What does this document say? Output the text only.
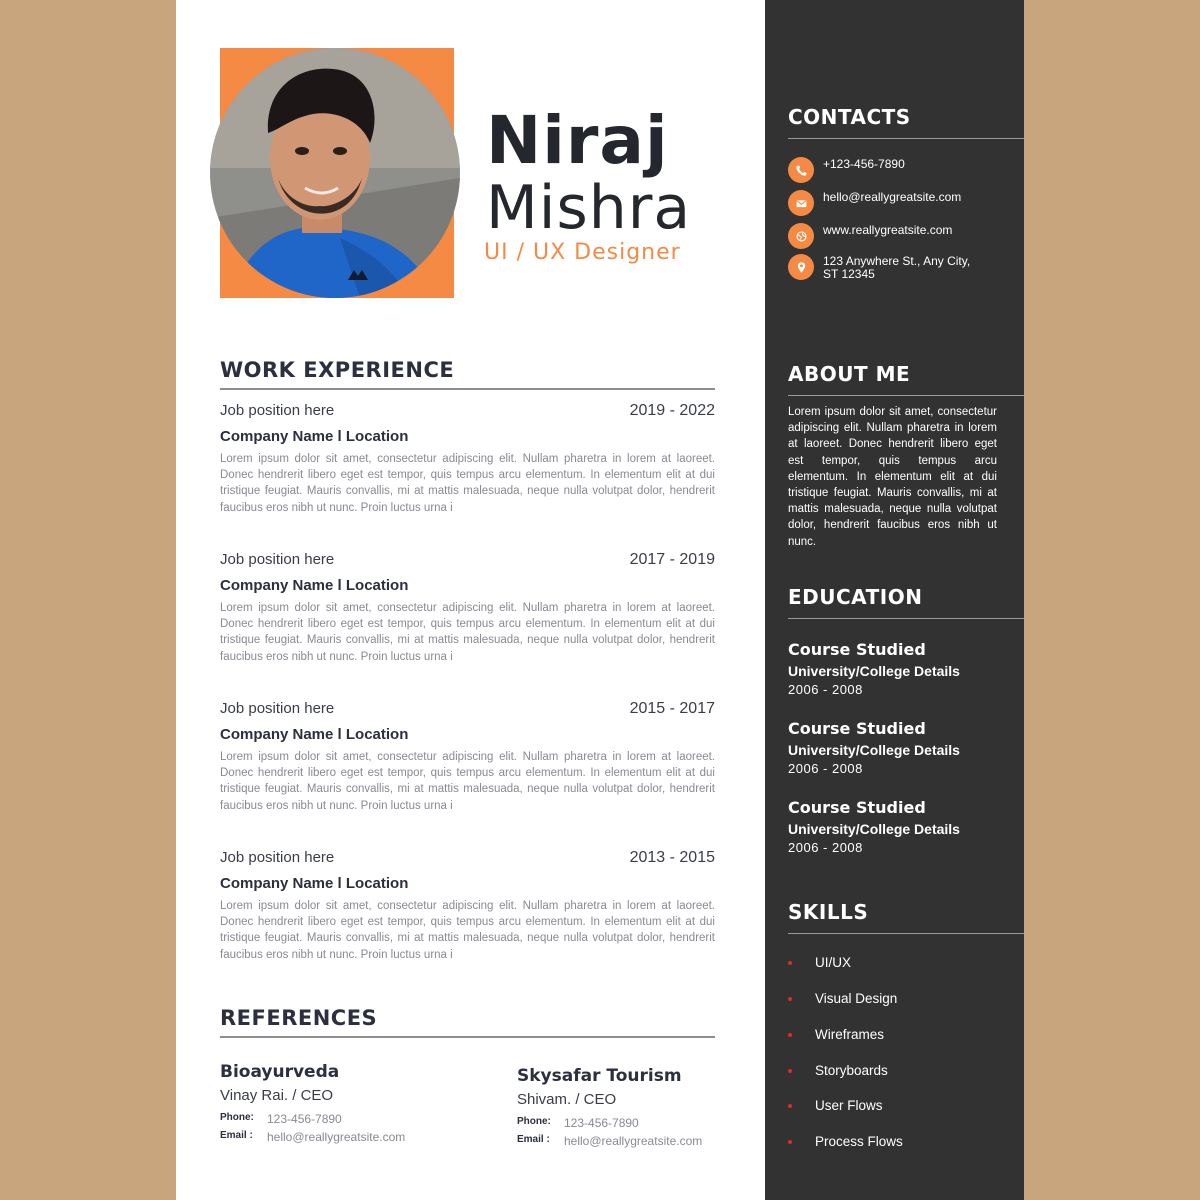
Niraj
Mishra
UI / UX Designer
WORK EXPERIENCE
Job position here	2019 - 2022
Company Name l Location
Lorem ipsum dolor sit amet, consectetur adipiscing elit. Nullam pharetra in lorem at laoreet. Donec hendrerit libero eget est tempor, quis tempus arcu elementum. In elementum elit at dui tristique feugiat. Mauris convallis, mi at mattis malesuada, neque nulla volutpat dolor, hendrerit faucibus eros nibh ut nunc. Proin luctus urna i
Job position here	2017 - 2019
Company Name l Location
Lorem ipsum dolor sit amet, consectetur adipiscing elit. Nullam pharetra in lorem at laoreet. Donec hendrerit libero eget est tempor, quis tempus arcu elementum. In elementum elit at dui tristique feugiat. Mauris convallis, mi at mattis malesuada, neque nulla volutpat dolor, hendrerit faucibus eros nibh ut nunc. Proin luctus urna i
Job position here	2015 - 2017
Company Name l Location
Lorem ipsum dolor sit amet, consectetur adipiscing elit. Nullam pharetra in lorem at laoreet. Donec hendrerit libero eget est tempor, quis tempus arcu elementum. In elementum elit at dui tristique feugiat. Mauris convallis, mi at mattis malesuada, neque nulla volutpat dolor, hendrerit faucibus eros nibh ut nunc. Proin luctus urna i
Job position here	2013 - 2015
Company Name l Location
Lorem ipsum dolor sit amet, consectetur adipiscing elit. Nullam pharetra in lorem at laoreet. Donec hendrerit libero eget est tempor, quis tempus arcu elementum. In elementum elit at dui tristique feugiat. Mauris convallis, mi at mattis malesuada, neque nulla volutpat dolor, hendrerit faucibus eros nibh ut nunc. Proin luctus urna i
REFERENCES
Bioayurveda
Vinay Rai. / CEO
Phone:	123-456-7890
Email :	hello@reallygreatsite.com
Skysafar Tourism
Shivam. / CEO
Phone:	123-456-7890
Email :	hello@reallygreatsite.com
CONTACTS
+123-456-7890
hello@reallygreatsite.com
www.reallygreatsite.com
123 Anywhere St., Any City,
ST 12345
ABOUT ME
Lorem ipsum dolor sit amet, consectetur adipiscing elit. Nullam pharetra in lorem at laoreet. Donec hendrerit libero eget est tempor, quis tempus arcu elementum. In elementum elit at dui tristique feugiat. Mauris convallis, mi at mattis malesuada, neque nulla volutpat dolor, hendrerit faucibus eros nibh ut nunc.
EDUCATION
Course Studied
University/College Details
2006 - 2008
Course Studied
University/College Details
2006 - 2008
Course Studied
University/College Details
2006 - 2008
SKILLS
UI/UX
Visual Design
Wireframes
Storyboards
User Flows
Process Flows
